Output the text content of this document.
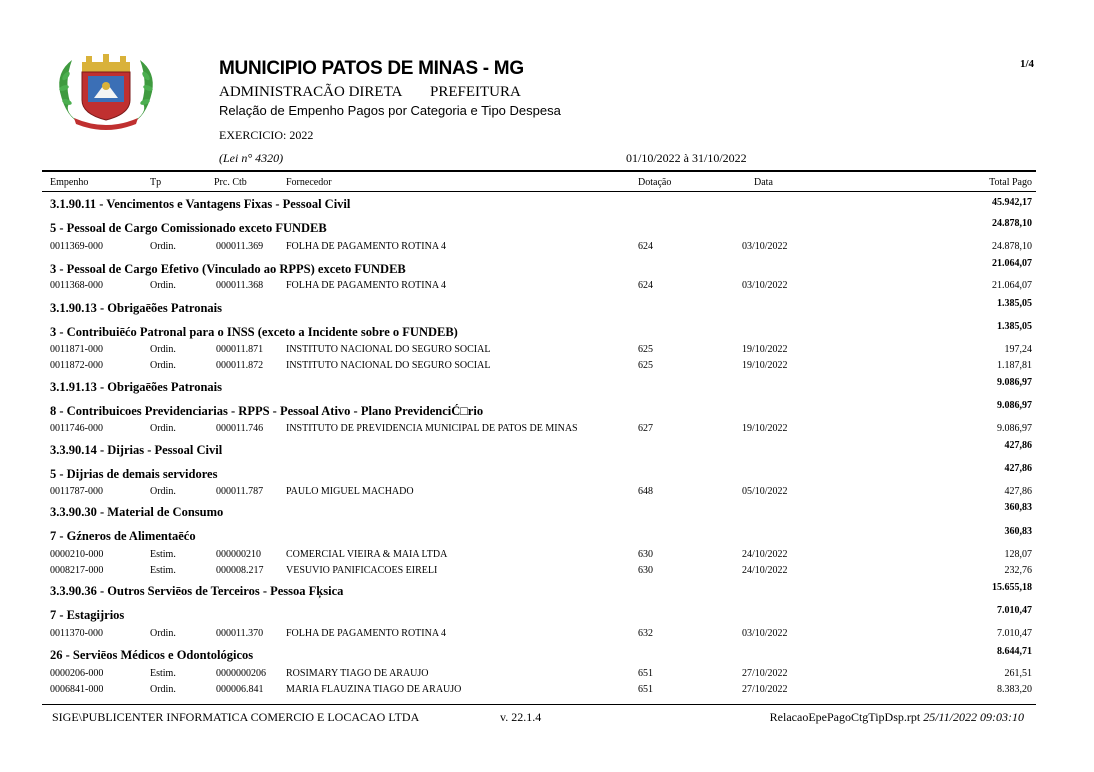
MUNICIPIO PATOS DE MINAS - MG
ADMINISTRACÃO DIRETA PREFEITURA
Relação de Empenho Pagos por Categoria e Tipo Despesa
EXERCICIO: 2022
(Lei n° 4320)	01/10/2022 à 31/10/2022
1/4
Empenho	Tp	Prc. Ctb	Fornecedor	Dotação	Data	Total Pago
3.1.90.11 - Vencimentos e Vantagens Fixas - Pessoal Civil	45.942,17
5 - Pessoal de Cargo Comissionado exceto FUNDEB	24.878,10
0011369-000	Ordin.	000011.369 FOLHA DE PAGAMENTO ROTINA 4	624	03/10/2022	24.878,10
3 - Pessoal de Cargo Efetivo (Vinculado ao RPPS) exceto FUNDEB	21.064,07
0011368-000	Ordin.	000011.368 FOLHA DE PAGAMENTO ROTINA 4	624	03/10/2022	21.064,07
3.1.90.13 - Obrigaēões Patronais	1.385,05
3 - Contribuiēćo Patronal para o INSS (exceto a Incidente sobre o FUNDEB)	1.385,05
0011871-000	Ordin.	000011.871 INSTITUTO NACIONAL DO SEGURO SOCIAL	625	19/10/2022	197,24
0011872-000	Ordin.	000011.872 INSTITUTO NACIONAL DO SEGURO SOCIAL	625	19/10/2022	1.187,81
3.1.91.13 - Obrigaēões Patronais	9.086,97
8 - Contribuicoes Previdenciarias - RPPS - Pessoal Ativo - Plano PrevidenciĆ□rio	9.086,97
0011746-000	Ordin.	000011.746 INSTITUTO DE PREVIDENCIA MUNICIPAL DE PATOS DE MINAS	627	19/10/2022	9.086,97
3.3.90.14 - Dijrias - Pessoal Civil	427,86
5 - Dijrias de demais servidores	427,86
0011787-000	Ordin.	000011.787 PAULO MIGUEL MACHADO	648	05/10/2022	427,86
3.3.90.30 - Material de Consumo	360,83
7 - Gźneros de Alimentaēćo	360,83
0000210-000	Estim.	000000210	COMERCIAL VIEIRA & MAIA LTDA	630	24/10/2022	128,07
0008217-000	Estim.	000008.217 VESUVIO PANIFICACOES EIRELI	630	24/10/2022	232,76
3.3.90.36 - Outros Serviēos de Terceiros - Pessoa Fķsica	15.655,18
7 - Estagijrios	7.010,47
0011370-000	Ordin.	000011.370 FOLHA DE PAGAMENTO ROTINA 4	632	03/10/2022	7.010,47
26 - Serviēos Médicos e Odontológicos	8.644,71
0000206-000	Estim.	0000000206 ROSIMARY TIAGO DE ARAUJO	651	27/10/2022	261,51
0006841-000	Ordin.	000006.841 MARIA FLAUZINA TIAGO DE ARAUJO	651	27/10/2022	8.383,20
SIGE\PUBLICENTER INFORMATICA COMERCIO E LOCACAO LTDA	v. 22.1.4	RelacaoEpePagoCtgTipDsp.rpt 25/11/2022 09:03:10
